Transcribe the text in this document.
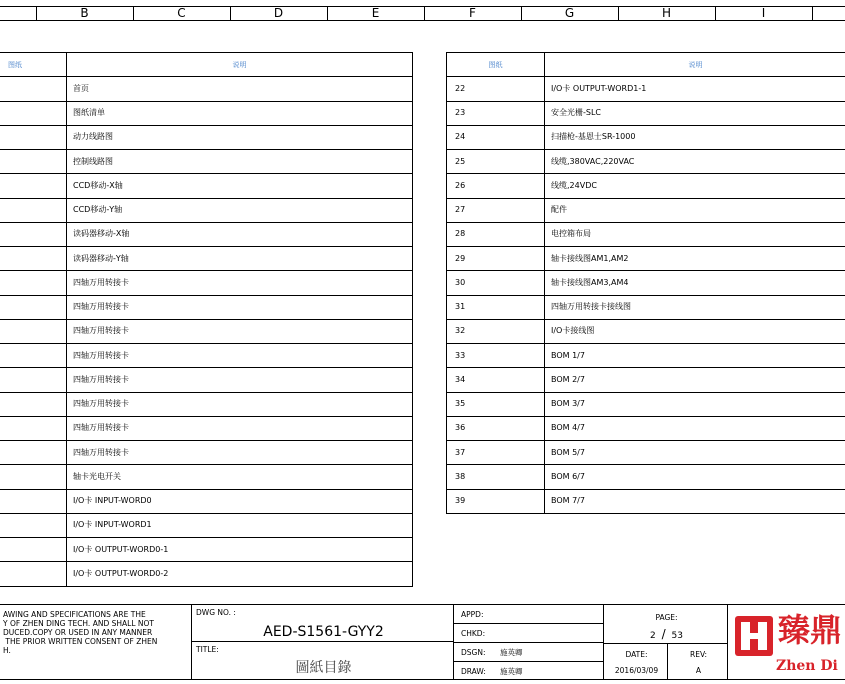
B	C	D	E	F	G	H	I
图纸	说明
	首页
	图纸清单
	动力线路图
	控制线路图
	CCD移动-X轴
	CCD移动-Y轴
	读码器移动-X轴
	读码器移动-Y轴
	四轴万用转接卡
	四轴万用转接卡
	四轴万用转接卡
	四轴万用转接卡
	四轴万用转接卡
	四轴万用转接卡
	四轴万用转接卡
	四轴万用转接卡
	轴卡光电开关
	I/O卡 INPUT-WORD0
	I/O卡 INPUT-WORD1
	I/O卡 OUTPUT-WORD0-1
	I/O卡 OUTPUT-WORD0-2
图纸	说明
22	I/O卡 OUTPUT-WORD1-1
23	安全光栅-SLC
24	扫描枪-基恩士SR-1000
25	线缆,380VAC,220VAC
26	线缆,24VDC
27	配件
28	电控箱布局
29	轴卡接线图AM1,AM2
30	轴卡接线图AM3,AM4
31	四轴万用转接卡接线图
32	I/O卡接线图
33	BOM 1/7
34	BOM 2/7
35	BOM 3/7
36	BOM 4/7
37	BOM 5/7
38	BOM 6/7
39	BOM 7/7
AWING AND SPECIFICATIONS ARE THE
Y OF ZHEN DING TECH. AND SHALL NOT
DUCED.COPY OR USED IN ANY MANNER
THE PRIOR WRITTEN CONSENT OF ZHEN
H.
DWG NO. :
AED-S1561-GYY2
TITLE:
圖紙目錄
APPD:
CHKD:
DSGN: 施英卿
DRAW: 施英卿
PAGE:
2 / 53
DATE:
2016/03/09
REV:
A
臻鼎
Zhen Di
